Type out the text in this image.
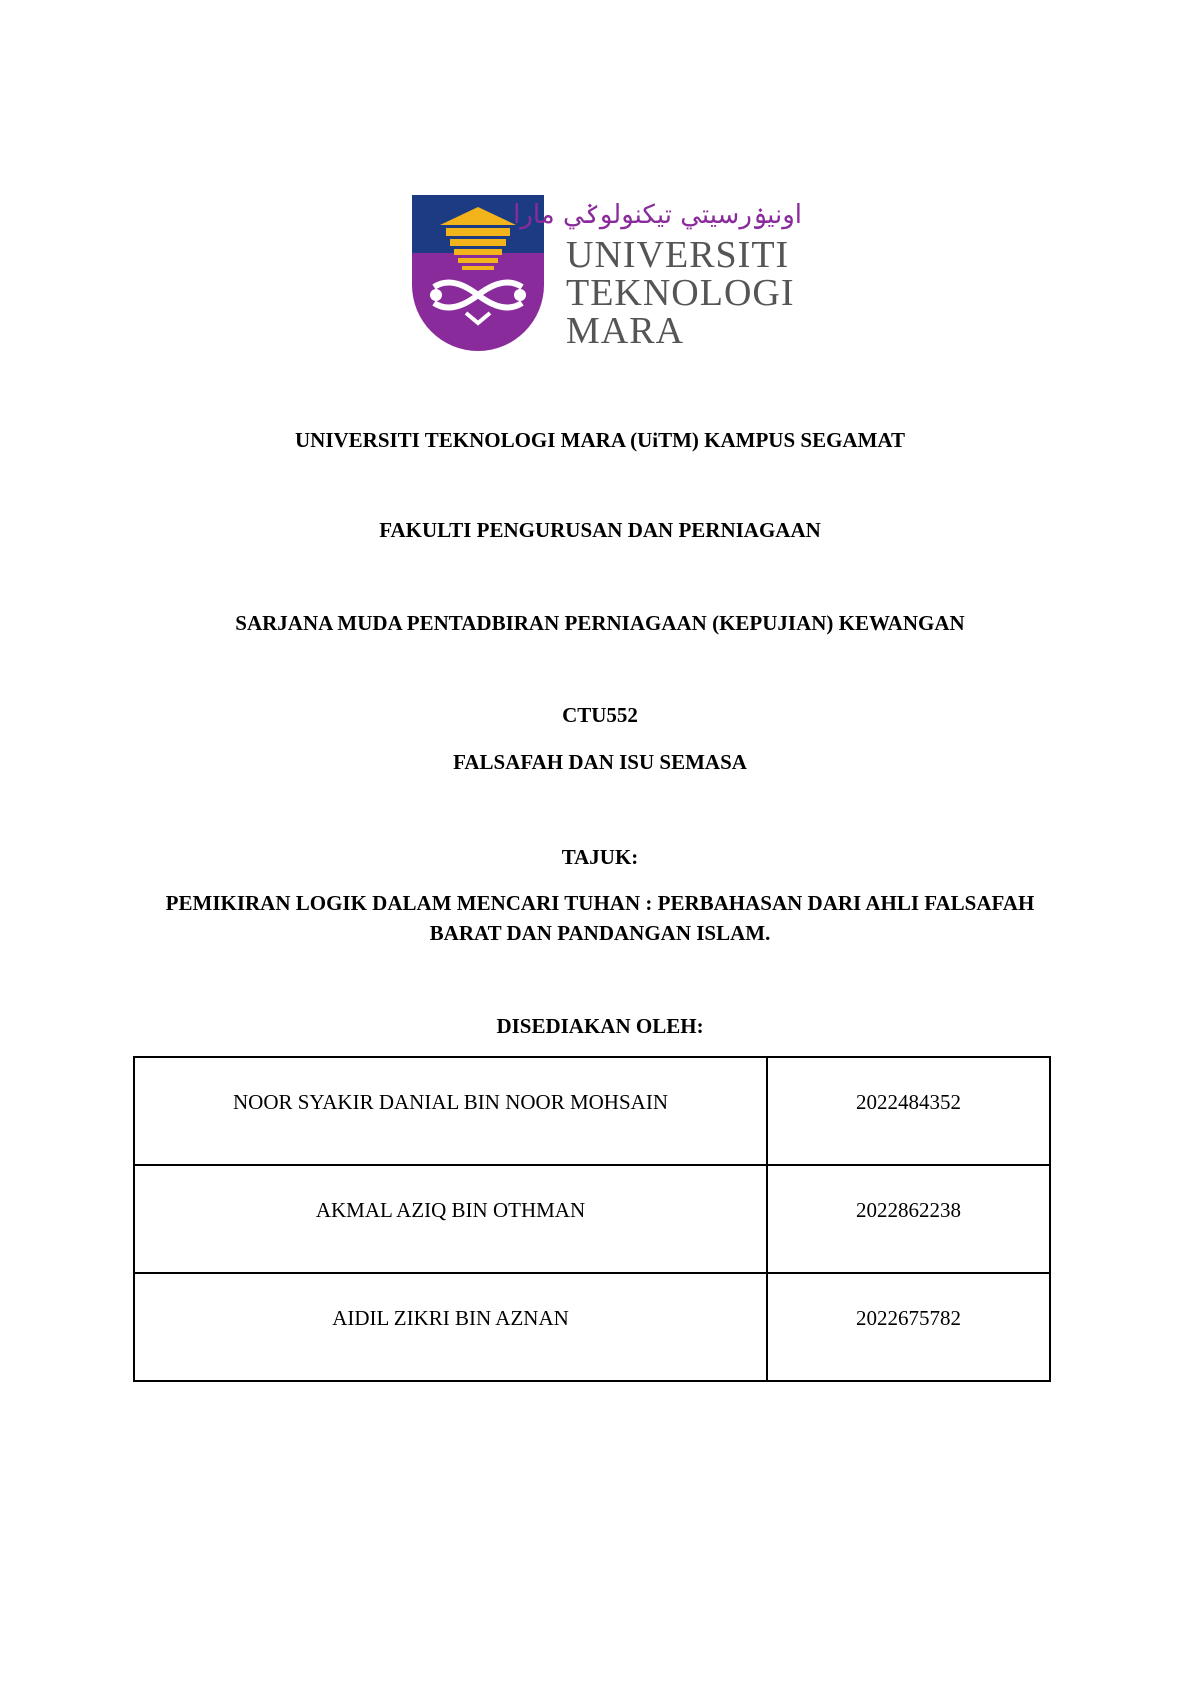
اونيۏرسيتي تيكنولوݢي مارا
UNIVERSITI
TEKNOLOGI
MARA
UNIVERSITI TEKNOLOGI MARA (UiTM) KAMPUS SEGAMAT
FAKULTI PENGURUSAN DAN PERNIAGAAN
SARJANA MUDA PENTADBIRAN PERNIAGAAN (KEPUJIAN) KEWANGAN
CTU552
FALSAFAH DAN ISU SEMASA
TAJUK:
PEMIKIRAN LOGIK DALAM MENCARI TUHAN : PERBAHASAN DARI AHLI FALSAFAH BARAT DAN PANDANGAN ISLAM.
DISEDIAKAN OLEH:
NOOR SYAKIR DANIAL BIN NOOR MOHSAIN	2022484352
AKMAL AZIQ BIN OTHMAN	2022862238
AIDIL ZIKRI BIN AZNAN	2022675782
